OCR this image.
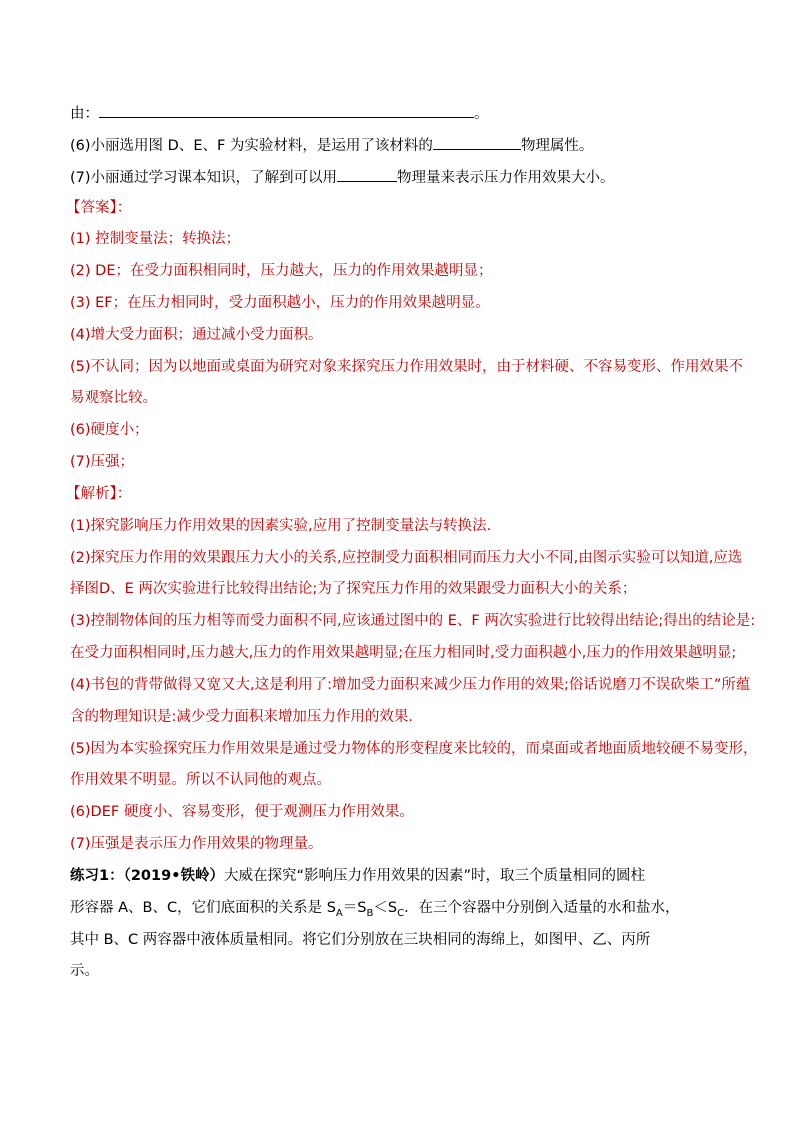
由：	。
(6)小丽选用图 D、E、F 为实验材料，是运用了该材料的	物理属性。
(7)小丽通过学习课本知识，了解到可以用	物理量来表示压力作用效果大小。
【答案】：
(1) 控制变量法；转换法；
(2) DE；在受力面积相同时，压力越大，压力的作用效果越明显；
(3) EF；在压力相同时，受力面积越小，压力的作用效果越明显。
(4)增大受力面积；通过减小受力面积。
(5)不认同；因为以地面或桌面为研究对象来探究压力作用效果时，由于材料硬、不容易变形、作用效果不
易观察比较。
(6)硬度小；
(7)压强；
【解析】：
(1)探究影响压力作用效果的因素实验,应用了控制变量法与转换法.
(2)探究压力作用的效果跟压力大小的关系,应控制受力面积相同而压力大小不同,由图示实验可以知道,应选
择图D、E 两次实验进行比较得出结论;为了探究压力作用的效果跟受力面积大小的关系；
(3)控制物体间的压力相等而受力面积不同,应该通过图中的 E、F 两次实验进行比较得出结论;得出的结论是:
在受力面积相同时,压力越大,压力的作用效果越明显;在压力相同时,受力面积越小,压力的作用效果越明显;
(4)书包的背带做得又宽又大,这是利用了:增加受力面积来减少压力作用的效果;俗话说磨刀不误砍柴工”所蕴
含的物理知识是:减少受力面积来增加压力作用的效果.
(5)因为本实验探究压力作用效果是通过受力物体的形变程度来比较的，而桌面或者地面质地较硬不易变形，
作用效果不明显。所以不认同他的观点。
(6)DEF 硬度小、容易变形，便于观测压力作用效果。
(7)压强是表示压力作用效果的物理量。
练习1：（2019•铁岭）大威在探究“影响压力作用效果的因素”时，取三个质量相同的圆柱
形容器 A、B、C，它们底面积的关系是 $S_A=S_B<S_C$．在三个容器中分别倒入适量的水和盐水，
其中 B、C 两容器中液体质量相同。将它们分别放在三块相同的海绵上，如图甲、乙、丙所
示。
